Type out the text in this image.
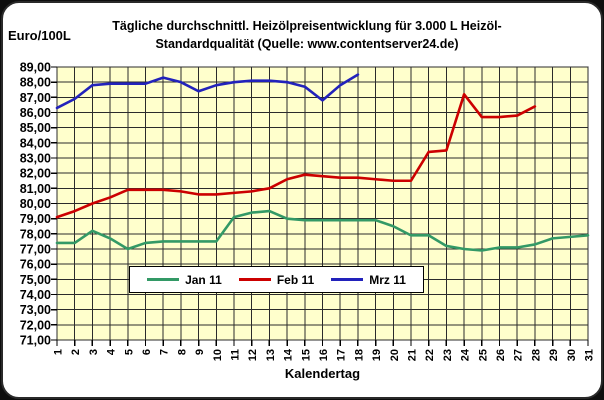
Tägliche durchschnittl. Heizölpreisentwicklung für 3.000 L Heizöl-
Standardqualität (Quelle: www.contentserver24.de)
Euro/100L
89,00
88,00
87,00
86,00
85,00
84,00
83,00
82,00
81,00
80,00
79,00
78,00
77,00
76,00
75,00
74,00
73,00
72,00
71,00
1 2 3 4 5 6 7 8 9 10 11 12 13 14 15 16 17 18 19 20 21 22 23 24 25 26 27 28 29 30 31
Jan 11	Feb 11	Mrz 11
Kalendertag
